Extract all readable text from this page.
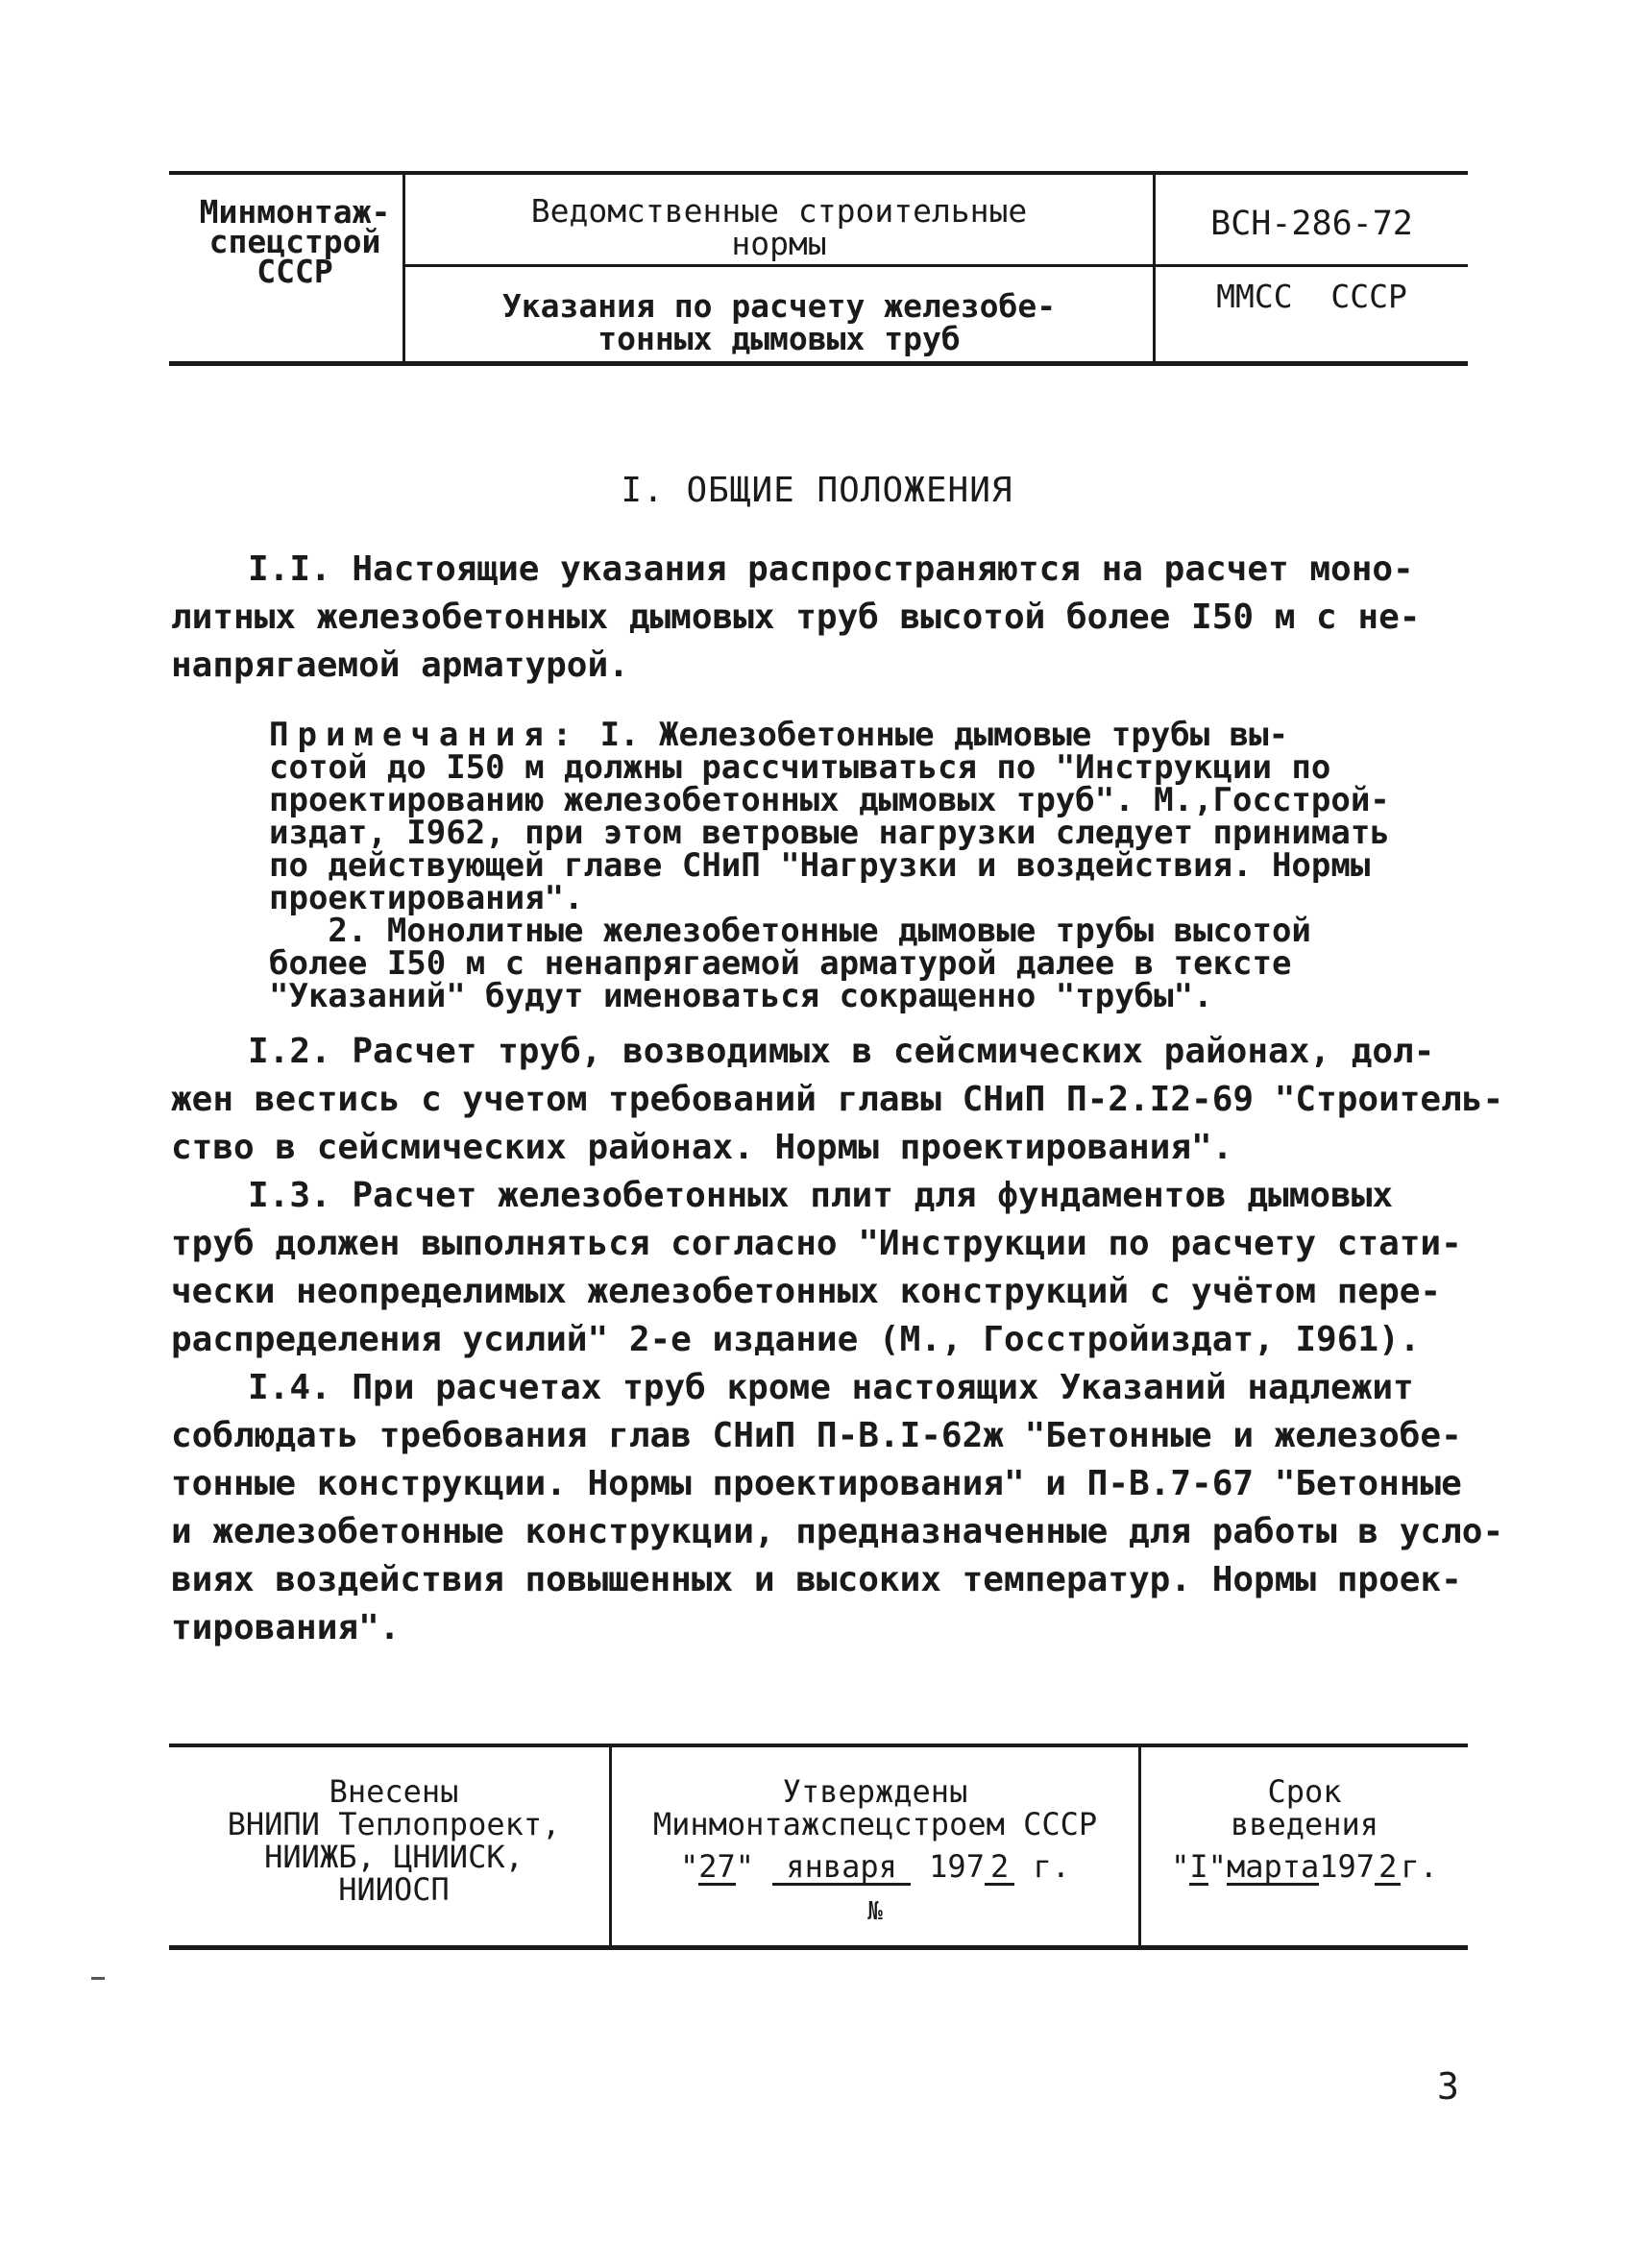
Минмонтаж-
спецстрой
СССР
Ведомственные строительные
нормы
ВСН-286-72
Указания по расчету железобе-
тонных дымовых труб
ММСС  СССР
I. ОБЩИЕ ПОЛОЖЕНИЯ
I.I. Настоящие указания распространяются на расчет моно-
литных железобетонных дымовых труб высотой более I50 м с не-
напрягаемой арматурой.
Примечания: I. Железобетонные дымовые трубы вы-
сотой до I50 м должны рассчитываться по "Инструкции по
проектированию железобетонных дымовых труб". М.,Госстрой-
издат, I962, при этом ветровые нагрузки следует принимать
по действующей главе СНиП "Нагрузки и воздействия. Нормы
проектирования".
2. Монолитные железобетонные дымовые трубы высотой
более I50 м с ненапрягаемой арматурой далее в тексте
"Указаний" будут именоваться сокращенно "трубы".
I.2. Расчет труб, возводимых в сейсмических районах, дол-
жен вестись с учетом требований главы СНиП П-2.I2-69 "Строитель-
ство в сейсмических районах. Нормы проектирования".
I.3. Расчет железобетонных плит для фундаментов дымовых
труб должен выполняться согласно "Инструкции по расчету стати-
чески неопределимых железобетонных конструкций с учётом пере-
распределения усилий" 2-е издание (М., Госстройиздат, I961).
I.4. При расчетах труб кроме настоящих Указаний надлежит
соблюдать требования глав СНиП П-В.I-62ж "Бетонные и железобе-
тонные конструкции. Нормы проектирования" и П-В.7-67 "Бетонные
и железобетонные конструкции, предназначенные для работы в усло-
виях воздействия повышенных и высоких температур. Нормы проек-
тирования".
Внесены
ВНИПИ Теплопроект,
НИИЖБ, ЦНИИСК,
НИИОСП
Утверждены
Минмонтажспецстроем СССР
"27" января 197 2 г.
№
Срок
введения
"I"марта197 2 г.
3
